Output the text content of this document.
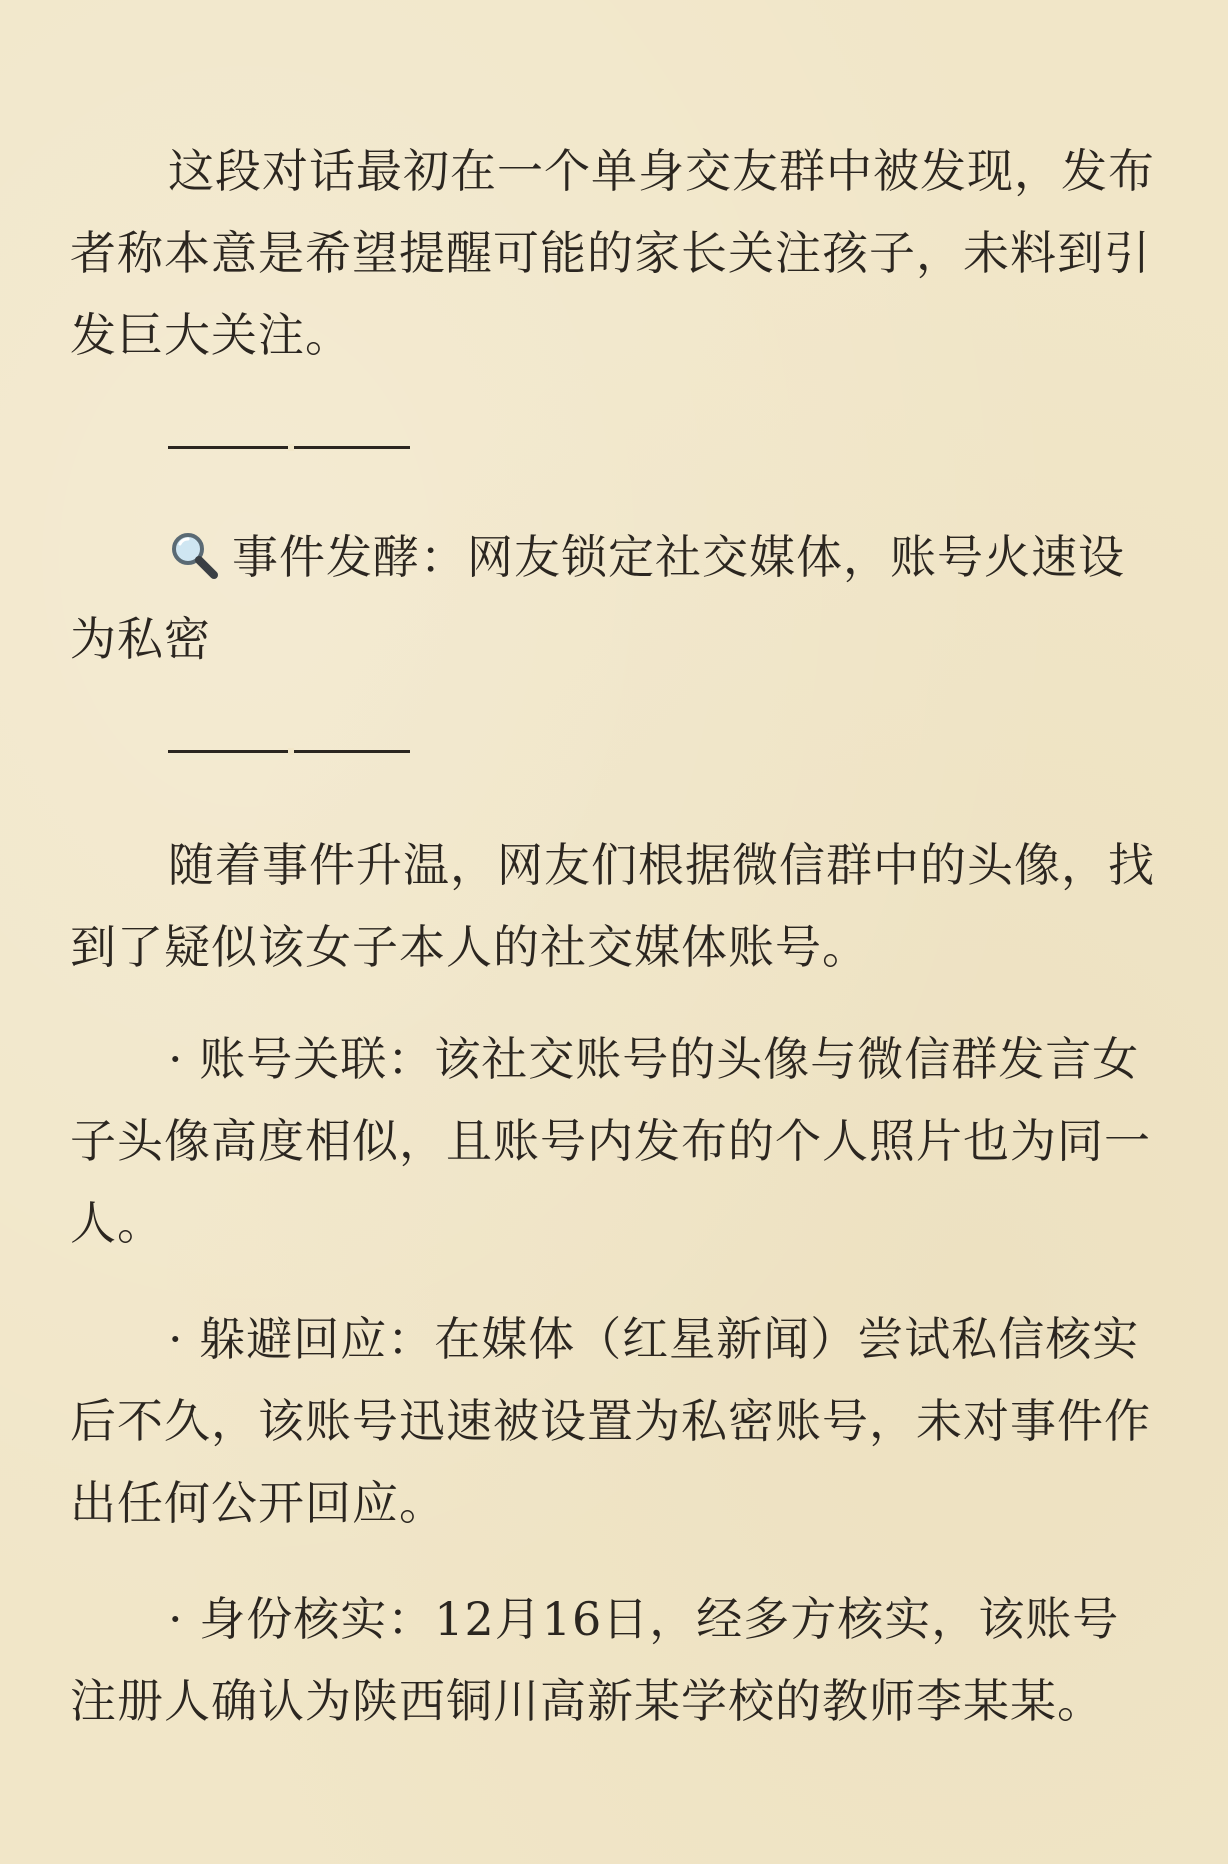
这段对话最初在一个单身交友群中被发现，发布者称本意是希望提醒可能的家长关注孩子，未料到引发巨大关注。

事件发酵：网友锁定社交媒体，账号火速设为私密

随着事件升温，网友们根据微信群中的头像，找到了疑似该女子本人的社交媒体账号。

· 账号关联：该社交账号的头像与微信群发言女子头像高度相似，且账号内发布的个人照片也为同一人。

· 躲避回应：在媒体（红星新闻）尝试私信核实后不久，该账号迅速被设置为私密账号，未对事件作出任何公开回应。

· 身份核实：12月16日，经多方核实，该账号注册人确认为陕西铜川高新某学校的教师李某某。
